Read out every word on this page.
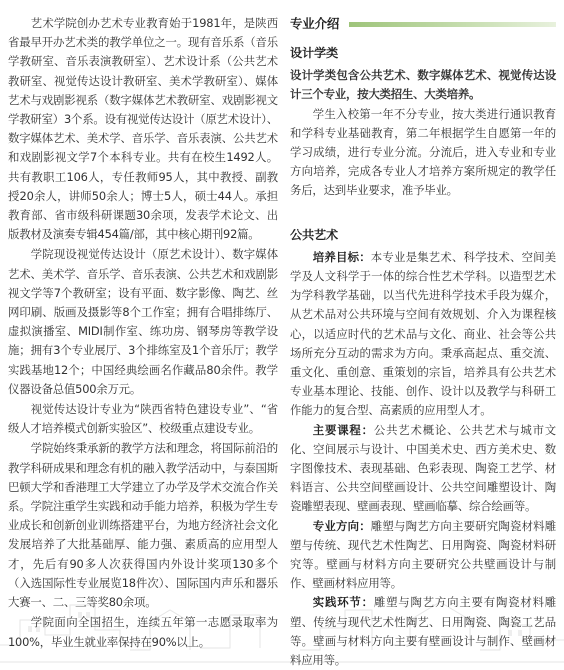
艺术学院创办艺术专业教育始于1981年，是陕西省最早开办艺术类的教学单位之一。现有音乐系（音乐学教研室、音乐表演教研室）、艺术设计系（公共艺术教研室、视觉传达设计教研室、美术学教研室）、媒体艺术与戏剧影视系（数字媒体艺术教研室、戏剧影视文学教研室）3个系。设有视觉传达设计（原艺术设计）、数字媒体艺术、美术学、音乐学、音乐表演、公共艺术和戏剧影视文学7个本科专业。共有在校生1492人。共有教职工106人，专任教师95人，其中教授、副教授20余人，讲师50余人；博士5人，硕士44人。承担教育部、省市级科研课题30余项，发表学术论文、出版教材及演奏专辑454篇/部，其中核心期刊92篇。

学院现设视觉传达设计（原艺术设计）、数字媒体艺术、美术学、音乐学、音乐表演、公共艺术和戏剧影视文学等7个教研室；设有平面、数字影像、陶艺、丝网印刷、版画及摄影等8个工作室；拥有合唱排练厅、虚拟演播室、MIDI制作室、练功房、钢琴房等教学设施；拥有3个专业展厅、3个排练室及1个音乐厅；教学实践基地12个；中国经典绘画名作藏品80余件。教学仪器设备总值500余万元。

视觉传达设计专业为“陕西省特色建设专业”、“省级人才培养模式创新实验区”、校级重点建设专业。

学院始终秉承新的教学方法和理念，将国际前沿的教学科研成果和理念有机的融入教学活动中，与泰国斯巴顿大学和香港理工大学建立了办学及学术交流合作关系。学院注重学生实践和动手能力培养，积极为学生专业成长和创新创业训练搭建平台，为地方经济社会文化发展培养了大批基础厚、能力强、素质高的应用型人才，先后有90多人次获得国内外设计奖项130多个（入选国际性专业展览18件次）、国际国内声乐和器乐大赛一、二、三等奖80余项。

学院面向全国招生，连续五年第一志愿录取率为100%，毕业生就业率保持在90%以上。

专业介绍
设计学类

设计学类包含公共艺术、数字媒体艺术、视觉传达设计三个专业，按大类招生、大类培养。

学生入校第一年不分专业，按大类进行通识教育和学科专业基础教育，第二年根据学生自愿第一年的学习成绩，进行专业分流。分流后，进入专业和专业方向培养，完成各专业人才培养方案所规定的教学任务后，达到毕业要求，准予毕业。

公共艺术

培养目标：本专业是集艺术、科学技术、空间美学及人文科学于一体的综合性艺术学科。以造型艺术为学科教学基础，以当代先进科学技术手段为媒介，从艺术品对公共环境与空间有效规划、介入为课程核心，以适应时代的艺术品与文化、商业、社会等公共场所充分互动的需求为方向。秉承高起点、重交流、重文化、重创意、重策划的宗旨，培养具有公共艺术专业基本理论、技能、创作、设计以及教学与科研工作能力的复合型、高素质的应用型人才。

主要课程：公共艺术概论、公共艺术与城市文化、空间展示与设计、中国美术史、西方美术史、数字图像技术、表现基础、色彩表现、陶瓷工艺学、材料语言、公共空间壁画设计、公共空间雕塑设计、陶瓷雕塑表现、壁画表现、壁画临摹、综合绘画等。

专业方向：雕塑与陶艺方向主要研究陶瓷材料雕塑与传统、现代艺术性陶艺、日用陶瓷、陶瓷材料研究等。壁画与材料方向主要研究公共壁画设计与制作、壁画材料应用等。

实践环节：雕塑与陶艺方向主要有陶瓷材料雕塑、传统与现代艺术性陶艺、日用陶瓷、陶瓷工艺品等。壁画与材料方向主要有壁画设计与制作、壁画材料应用等。
